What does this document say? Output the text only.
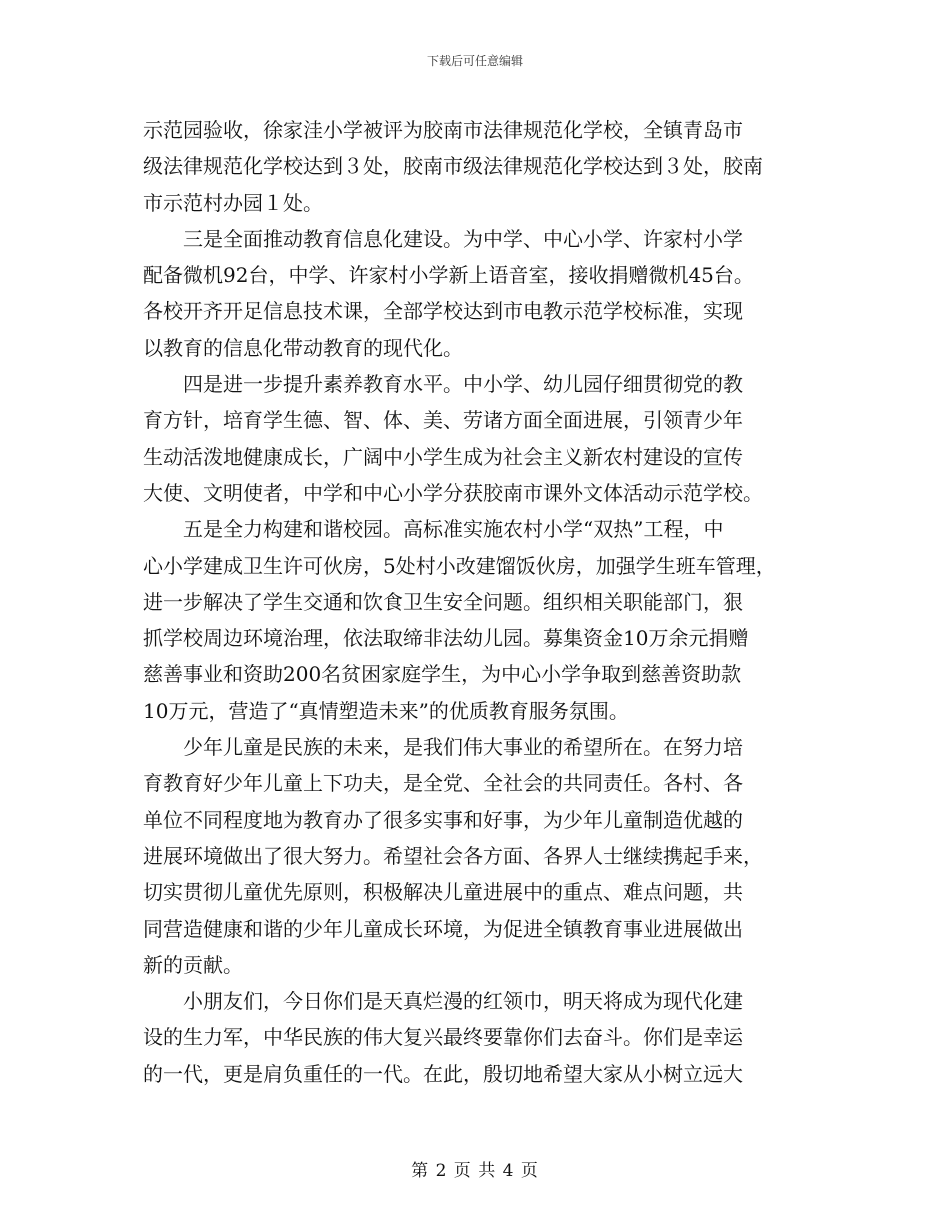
下载后可任意编辑
示范园验收，徐家洼小学被评为胶南市法律规范化学校，全镇青岛市
级法律规范化学校达到３处，胶南市级法律规范化学校达到３处，胶南
市示范村办园１处。
　　三是全面推动教育信息化建设。为中学、中心小学、许家村小学
配备微机92台，中学、许家村小学新上语音室，接收捐赠微机45台。
各校开齐开足信息技术课，全部学校达到市电教示范学校标准，实现
以教育的信息化带动教育的现代化。
　　四是进一步提升素养教育水平。中小学、幼儿园仔细贯彻党的教
育方针，培育学生德、智、体、美、劳诸方面全面进展，引领青少年
生动活泼地健康成长，广阔中小学生成为社会主义新农村建设的宣传
大使、文明使者，中学和中心小学分获胶南市课外文体活动示范学校。
　　五是全力构建和谐校园。高标准实施农村小学“双热”工程，中
心小学建成卫生许可伙房，5处村小改建馏饭伙房，加强学生班车管理，
进一步解决了学生交通和饮食卫生安全问题。组织相关职能部门，狠
抓学校周边环境治理，依法取缔非法幼儿园。募集资金10万余元捐赠
慈善事业和资助200名贫困家庭学生，为中心小学争取到慈善资助款
10万元，营造了“真情塑造未来”的优质教育服务氛围。
　　少年儿童是民族的未来，是我们伟大事业的希望所在。在努力培
育教育好少年儿童上下功夫，是全党、全社会的共同责任。各村、各
单位不同程度地为教育办了很多实事和好事，为少年儿童制造优越的
进展环境做出了很大努力。希望社会各方面、各界人士继续携起手来，
切实贯彻儿童优先原则，积极解决儿童进展中的重点、难点问题，共
同营造健康和谐的少年儿童成长环境，为促进全镇教育事业进展做出
新的贡献。
　　小朋友们，今日你们是天真烂漫的红领巾，明天将成为现代化建
设的生力军，中华民族的伟大复兴最终要靠你们去奋斗。你们是幸运
的一代，更是肩负重任的一代。在此，殷切地希望大家从小树立远大
第 2 页 共 4 页
